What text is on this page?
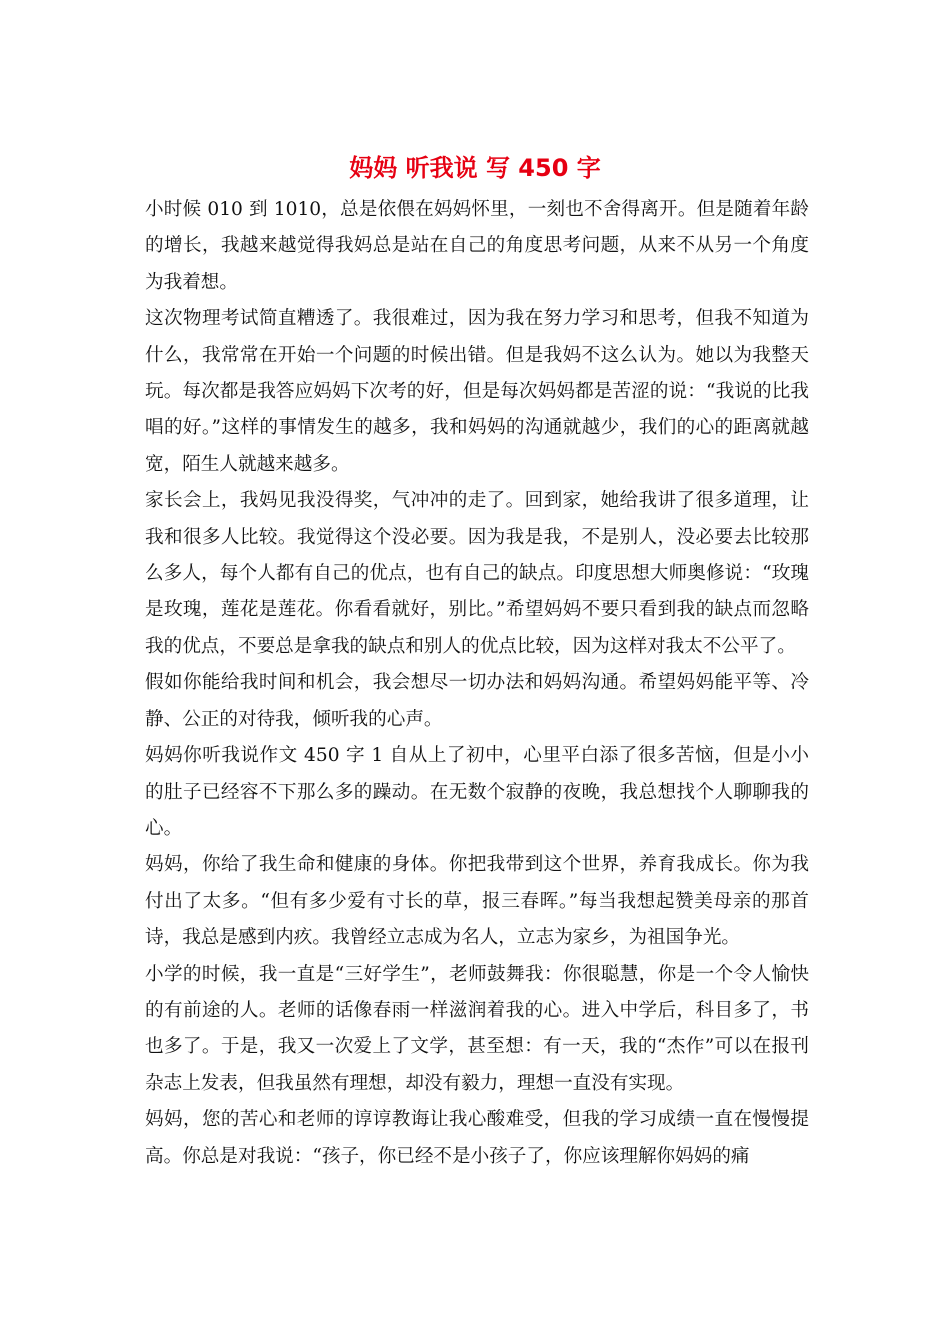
妈妈 听我说 写 450 字

小时候 010 到 1010，总是依偎在妈妈怀里，一刻也不舍得离开。但是随着年龄的增长，我越来越觉得我妈总是站在自己的角度思考问题，从来不从另一个角度为我着想。

这次物理考试简直糟透了。我很难过，因为我在努力学习和思考，但我不知道为什么，我常常在开始一个问题的时候出错。但是我妈不这么认为。她以为我整天玩。每次都是我答应妈妈下次考的好，但是每次妈妈都是苦涩的说：“我说的比我唱的好。”这样的事情发生的越多，我和妈妈的沟通就越少，我们的心的距离就越宽，陌生人就越来越多。

家长会上，我妈见我没得奖，气冲冲的走了。回到家，她给我讲了很多道理，让我和很多人比较。我觉得这个没必要。因为我是我，不是别人，没必要去比较那么多人，每个人都有自己的优点，也有自己的缺点。印度思想大师奥修说：“玫瑰是玫瑰，莲花是莲花。你看看就好，别比。”希望妈妈不要只看到我的缺点而忽略我的优点，不要总是拿我的缺点和别人的优点比较，因为这样对我太不公平了。

假如你能给我时间和机会，我会想尽一切办法和妈妈沟通。希望妈妈能平等、冷静、公正的对待我，倾听我的心声。

妈妈你听我说作文 450 字 1 自从上了初中，心里平白添了很多苦恼，但是小小的肚子已经容不下那么多的躁动。在无数个寂静的夜晚，我总想找个人聊聊我的心。

妈妈，你给了我生命和健康的身体。你把我带到这个世界，养育我成长。你为我付出了太多。“但有多少爱有寸长的草，报三春晖。”每当我想起赞美母亲的那首诗，我总是感到内疚。我曾经立志成为名人，立志为家乡，为祖国争光。

小学的时候，我一直是“三好学生”，老师鼓舞我：你很聪慧，你是一个令人愉快的有前途的人。老师的话像春雨一样滋润着我的心。进入中学后，科目多了，书也多了。于是，我又一次爱上了文学，甚至想：有一天，我的“杰作”可以在报刊杂志上发表，但我虽然有理想，却没有毅力，理想一直没有实现。

妈妈，您的苦心和老师的谆谆教诲让我心酸难受，但我的学习成绩一直在慢慢提高。你总是对我说：“孩子，你已经不是小孩子了，你应该理解你妈妈的痛
